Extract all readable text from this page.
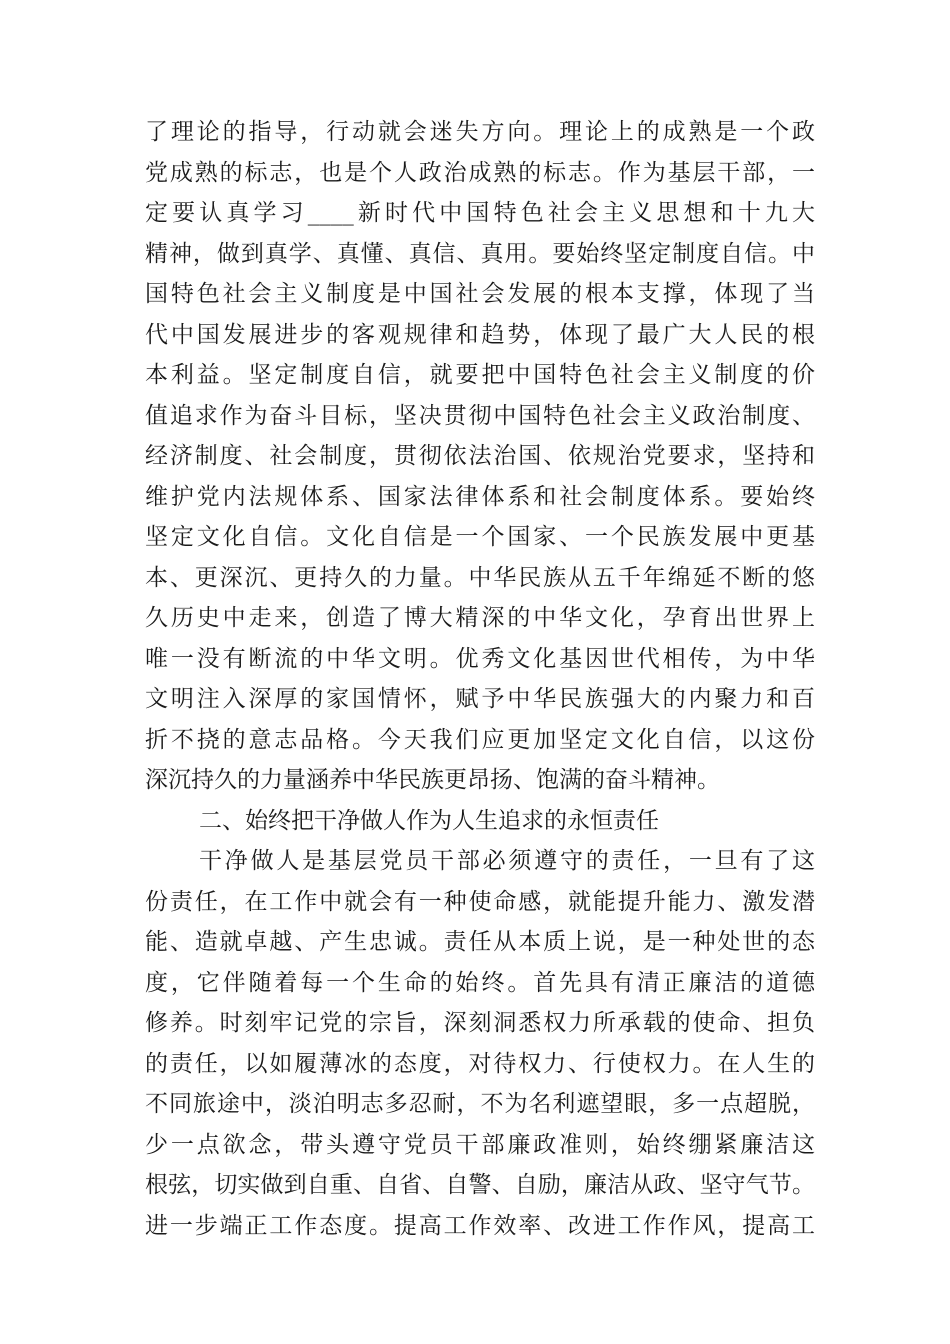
了理论的指导，行动就会迷失方向。理论上的成熟是一个政
党成熟的标志，也是个人政治成熟的标志。作为基层干部，一
定要认真学习____新时代中国特色社会主义思想和十九大
精神，做到真学、真懂、真信、真用。要始终坚定制度自信。中
国特色社会主义制度是中国社会发展的根本支撑，体现了当
代中国发展进步的客观规律和趋势，体现了最广大人民的根
本利益。坚定制度自信，就要把中国特色社会主义制度的价
值追求作为奋斗目标，坚决贯彻中国特色社会主义政治制度、
经济制度、社会制度，贯彻依法治国、依规治党要求，坚持和
维护党内法规体系、国家法律体系和社会制度体系。要始终
坚定文化自信。文化自信是一个国家、一个民族发展中更基
本、更深沉、更持久的力量。中华民族从五千年绵延不断的悠
久历史中走来，创造了博大精深的中华文化，孕育出世界上
唯一没有断流的中华文明。优秀文化基因世代相传，为中华
文明注入深厚的家国情怀，赋予中华民族强大的内聚力和百
折不挠的意志品格。今天我们应更加坚定文化自信，以这份
深沉持久的力量涵养中华民族更昂扬、饱满的奋斗精神。
二、始终把干净做人作为人生追求的永恒责任
干净做人是基层党员干部必须遵守的责任，一旦有了这
份责任，在工作中就会有一种使命感，就能提升能力、激发潜
能、造就卓越、产生忠诚。责任从本质上说，是一种处世的态
度，它伴随着每一个生命的始终。首先具有清正廉洁的道德
修养。时刻牢记党的宗旨，深刻洞悉权力所承载的使命、担负
的责任，以如履薄冰的态度，对待权力、行使权力。在人生的
不同旅途中，淡泊明志多忍耐，不为名利遮望眼，多一点超脱，
少一点欲念，带头遵守党员干部廉政准则，始终绷紧廉洁这
根弦，切实做到自重、自省、自警、自励，廉洁从政、坚守气节。
进一步端正工作态度。提高工作效率、改进工作作风，提高工
